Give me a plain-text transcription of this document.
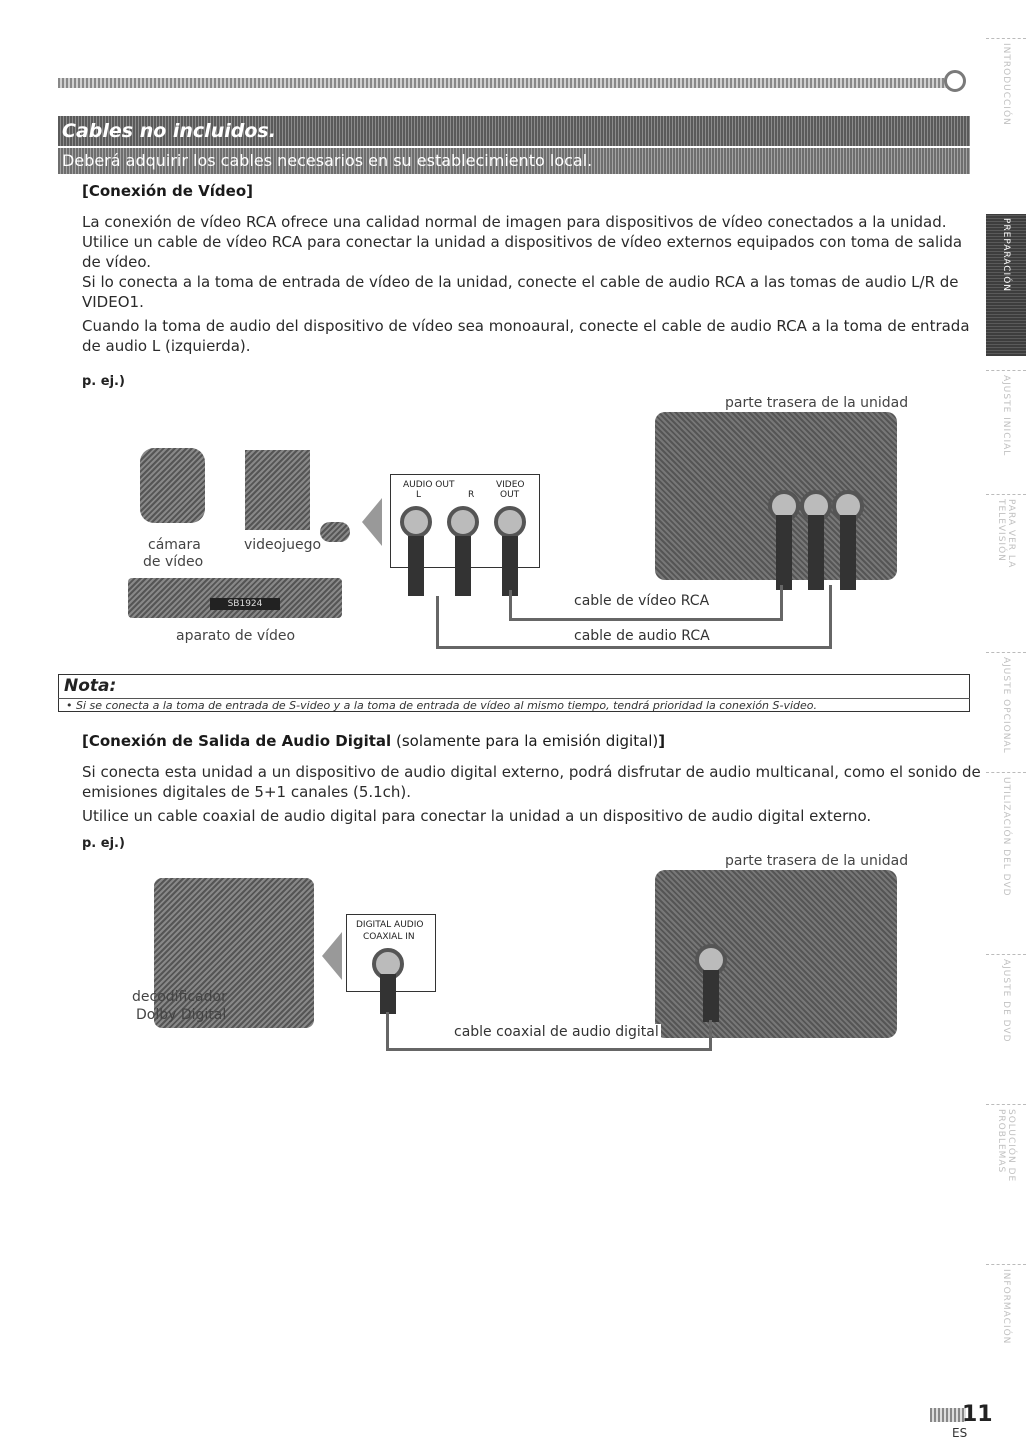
Cables no incluidos.
Deberá adquirir los cables necesarios en su establecimiento local.
[Conexión de Vídeo]
La conexión de vídeo RCA ofrece una calidad normal de imagen para dispositivos de vídeo conectados a la unidad.
Utilice un cable de vídeo RCA para conectar la unidad a dispositivos de vídeo externos equipados con toma de salida de vídeo.
Si lo conecta a la toma de entrada de vídeo de la unidad, conecte el cable de audio RCA a las tomas de audio L/R de VIDEO1.
Cuando la toma de audio del dispositivo de vídeo sea monoaural, conecte el cable de audio RCA a la toma de entrada de audio L (izquierda).
p. ej.)
parte trasera de la unidad
cámara
de vídeo
videojuego
SB1924
aparato de vídeo
AUDIO OUT
L	R
VIDEO
OUT
cable de vídeo RCA
cable de audio RCA
Nota:
• Si se conecta a la toma de entrada de S-video y a la toma de entrada de vídeo al mismo tiempo, tendrá prioridad la conexión S-video.
[Conexión de Salida de Audio Digital (solamente para la emisión digital)]
Si conecta esta unidad a un dispositivo de audio digital externo, podrá disfrutar de audio multicanal, como el sonido de emisiones digitales de 5+1 canales (5.1ch).
Utilice un cable coaxial de audio digital para conectar la unidad a un dispositivo de audio digital externo.
p. ej.)
parte trasera de la unidad
decodificador
Dolby Digital
DIGITAL AUDIO
COAXIAL IN
cable coaxial de audio digital
INTRODUCCIÓN
PREPARACIÓN
AJUSTE INICIAL
PARA VER LA TELEVISIÓN
AJUSTE OPCIONAL
UTILIZACIÓN DEL DVD
AJUSTE DE DVD
SOLUCIÓN DE PROBLEMAS
INFORMACIÓN
11
ES
